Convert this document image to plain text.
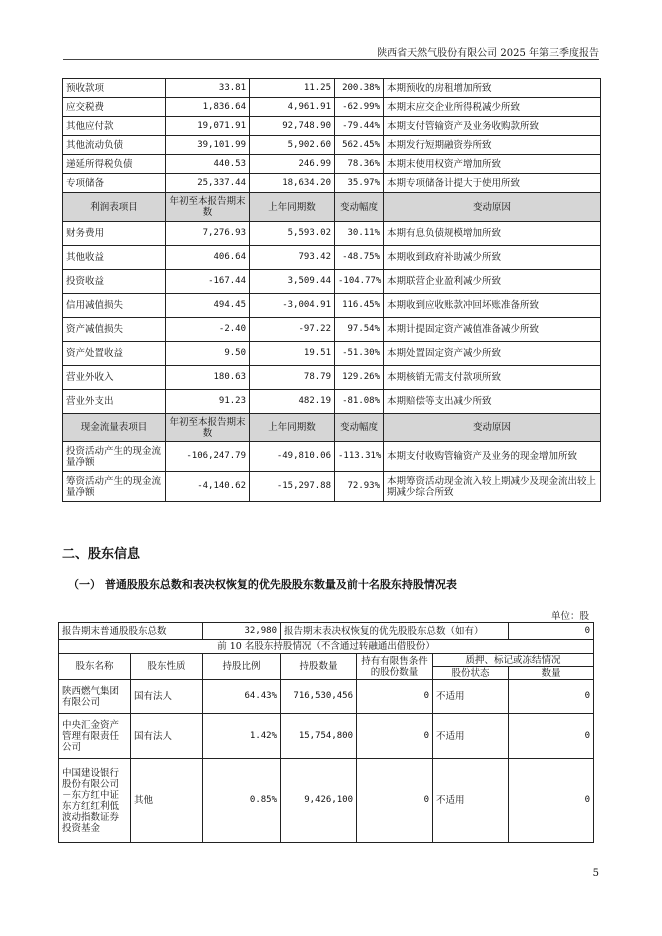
陕西省天然气股份有限公司 2025 年第三季度报告
预收款项	33.81	11.25	200.38%	本期预收的房租增加所致
应交税费	1,836.64	4,961.91	-62.99%	本期末应交企业所得税减少所致
其他应付款	19,071.91	92,748.90	-79.44%	本期支付管输资产及业务收购款所致
其他流动负债	39,101.99	5,902.60	562.45%	本期发行短期融资券所致
递延所得税负债	440.53	246.99	78.36%	本期末使用权资产增加所致
专项储备	25,337.44	18,634.20	35.97%	本期专项储备计提大于使用所致
利润表项目	年初至本报告期末数	上年同期数	变动幅度	变动原因
财务费用	7,276.93	5,593.02	30.11%	本期有息负债规模增加所致
其他收益	406.64	793.42	-48.75%	本期收到政府补助减少所致
投资收益	-167.44	3,509.44	-104.77%	本期联营企业盈利减少所致
信用减值损失	494.45	-3,004.91	116.45%	本期收到应收账款冲回坏账准备所致
资产减值损失	-2.40	-97.22	97.54%	本期计提固定资产减值准备减少所致
资产处置收益	9.50	19.51	-51.30%	本期处置固定资产减少所致
营业外收入	180.63	78.79	129.26%	本期核销无需支付款项所致
营业外支出	91.23	482.19	-81.08%	本期赔偿等支出减少所致
现金流量表项目	年初至本报告期末数	上年同期数	变动幅度	变动原因
投资活动产生的现金流量净额	-106,247.79	-49,810.06	-113.31%	本期支付收购管输资产及业务的现金增加所致
筹资活动产生的现金流量净额	-4,140.62	-15,297.88	72.93%	本期筹资活动现金流入较上期减少及现金流出较上期减少综合所致
二、股东信息
（一） 普通股股东总数和表决权恢复的优先股股东数量及前十名股东持股情况表
单位：股
报告期末普通股股东总数		32,980	报告期末表决权恢复的优先股股东总数（如有）			0
前 10 名股东持股情况（不含通过转融通出借股份）						
股东名称	股东性质	持股比例	持股数量	持有有限售条件的股份数量	质押、标记或冻结情况	
					股份状态	数量
陕西燃气集团有限公司	国有法人	64.43%	716,530,456	0	不适用	0
中央汇金资产管理有限责任公司	国有法人	1.42%	15,754,800	0	不适用	0
中国建设银行股份有限公司－东方红中证东方红红利低波动指数证券投资基金	其他	0.85%	9,426,100	0	不适用	0
5
